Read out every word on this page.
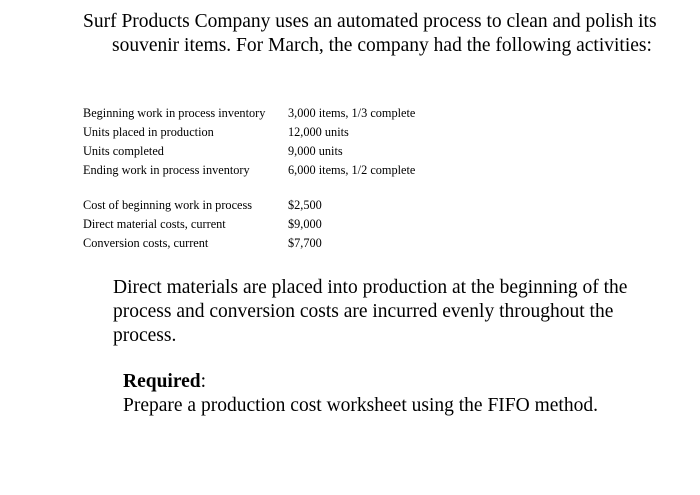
Surf Products Company uses an automated process to clean and polish its souvenir items. For March, the company had the following activities:
Beginning work in process inventory	3,000 items, 1/3 complete
Units placed in production	12,000 units
Units completed	9,000 units
Ending work in process inventory	6,000 items, 1/2 complete
Cost of beginning work in process	$2,500
Direct material costs, current	$9,000
Conversion costs, current	$7,700
Direct materials are placed into production at the beginning of the process and conversion costs are incurred evenly throughout the process.
Required:
Prepare a production cost worksheet using the FIFO method.
